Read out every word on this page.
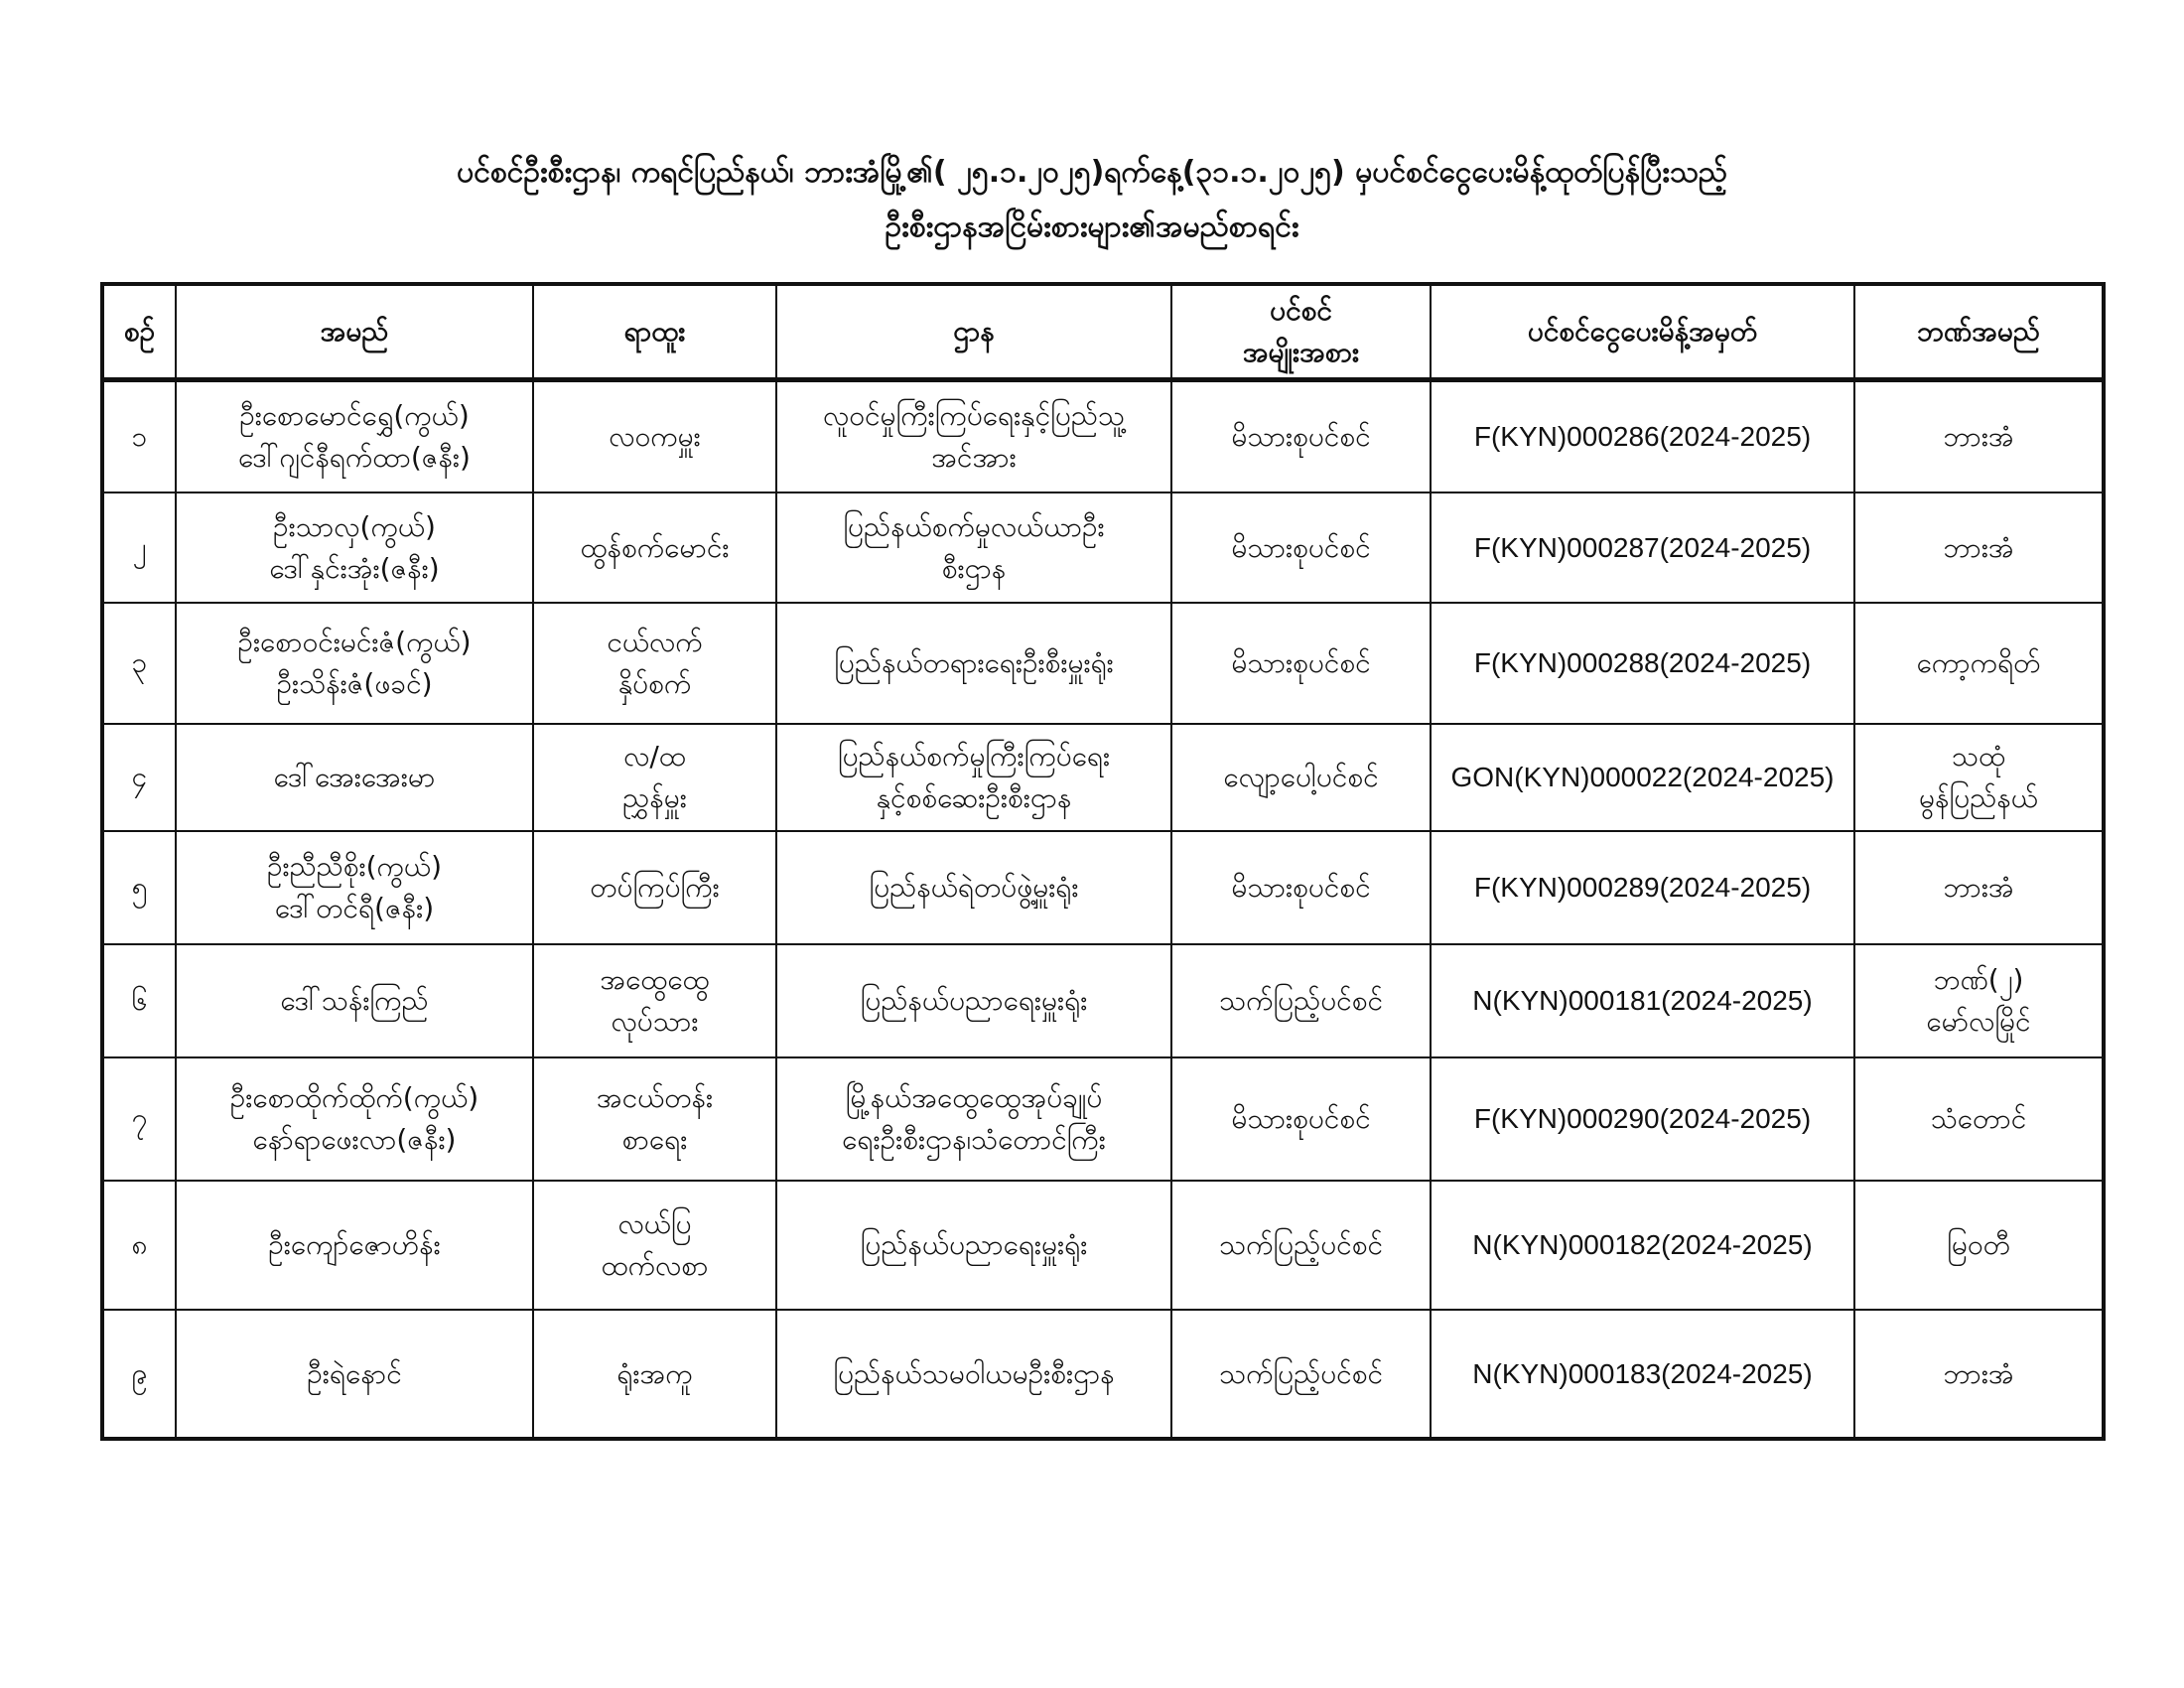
ပင်စင်ဦးစီးဌာန၊ ကရင်ပြည်နယ်၊ ဘားအံမြို့၏( ၂၅.၁.၂၀၂၅)ရက်နေ့(၃၁.၁.၂၀၂၅) မှပင်စင်ငွေပေးမိန့်ထုတ်ပြန်ပြီးသည့်
ဦးစီးဌာနအငြိမ်းစားများ၏အမည်စာရင်း
စဉ်	အမည်	ရာထူး	ဌာန	ပင်စင်
အမျိုးအစား	ပင်စင်ငွေပေးမိန့်အမှတ်	ဘဏ်အမည်

၁	ဦးစောမောင်ရွှေ(ကွယ်)
ဒေါ်ဂျင်နီရက်ထာ(ဇနီး)	လဝကမှူး	လူဝင်မှုကြီးကြပ်ရေးနှင့်ပြည်သူ့
အင်အား	မိသားစုပင်စင်	F(KYN)000286(2024-2025)	ဘားအံ

၂	ဦးသာလှ(ကွယ်)
ဒေါ်နှင်းအုံး(ဇနီး)	ထွန်စက်မောင်း	ပြည်နယ်စက်မှုလယ်ယာဦး
စီးဌာန	မိသားစုပင်စင်	F(KYN)000287(2024-2025)	ဘားအံ

၃	ဦးစောဝင်းမင်းဇံ(ကွယ်)
ဦးသိန်းဇံ(ဖခင်)	ငယ်လက်
နှိပ်စက်	ပြည်နယ်တရားရေးဦးစီးမှူးရုံး	မိသားစုပင်စင်	F(KYN)000288(2024-2025)	ကော့ကရိတ်

၄	ဒေါ်အေးအေးမာ	လ/ထ
ညွှန်မှူး	ပြည်နယ်စက်မှုကြီးကြပ်ရေး
နှင့်စစ်ဆေးဦးစီးဌာန	လျော့ပေါ့ပင်စင်	GON(KYN)000022(2024-2025)	သထုံ
မွန်ပြည်နယ်

၅	ဦးညီညီစိုး(ကွယ်)
ဒေါ်တင်ရီ(ဇနီး)	တပ်ကြပ်ကြီး	ပြည်နယ်ရဲတပ်ဖွဲ့မှူးရုံး	မိသားစုပင်စင်	F(KYN)000289(2024-2025)	ဘားအံ

၆	ဒေါ်သန်းကြည်	အထွေထွေ
လုပ်သား	ပြည်နယ်ပညာရေးမှူးရုံး	သက်ပြည့်ပင်စင်	N(KYN)000181(2024-2025)	ဘဏ်(၂)
မော်လမြိုင်

၇	ဦးစောထိုက်ထိုက်(ကွယ်)
နော်ရာဖေးလာ(ဇနီး)	အငယ်တန်း
စာရေး	မြို့နယ်အထွေထွေအုပ်ချုပ်
ရေးဦးစီးဌာန၊သံတောင်ကြီး	မိသားစုပင်စင်	F(KYN)000290(2024-2025)	သံတောင်

၈	ဦးကျော်ဇောဟိန်း	လယ်ပြ
ထက်လစာ	ပြည်နယ်ပညာရေးမှူးရုံး	သက်ပြည့်ပင်စင်	N(KYN)000182(2024-2025)	မြဝတီ

၉	ဦးရဲနောင်	ရုံးအကူ	ပြည်နယ်သမဝါယမဦးစီးဌာန	သက်ပြည့်ပင်စင်	N(KYN)000183(2024-2025)	ဘားအံ
